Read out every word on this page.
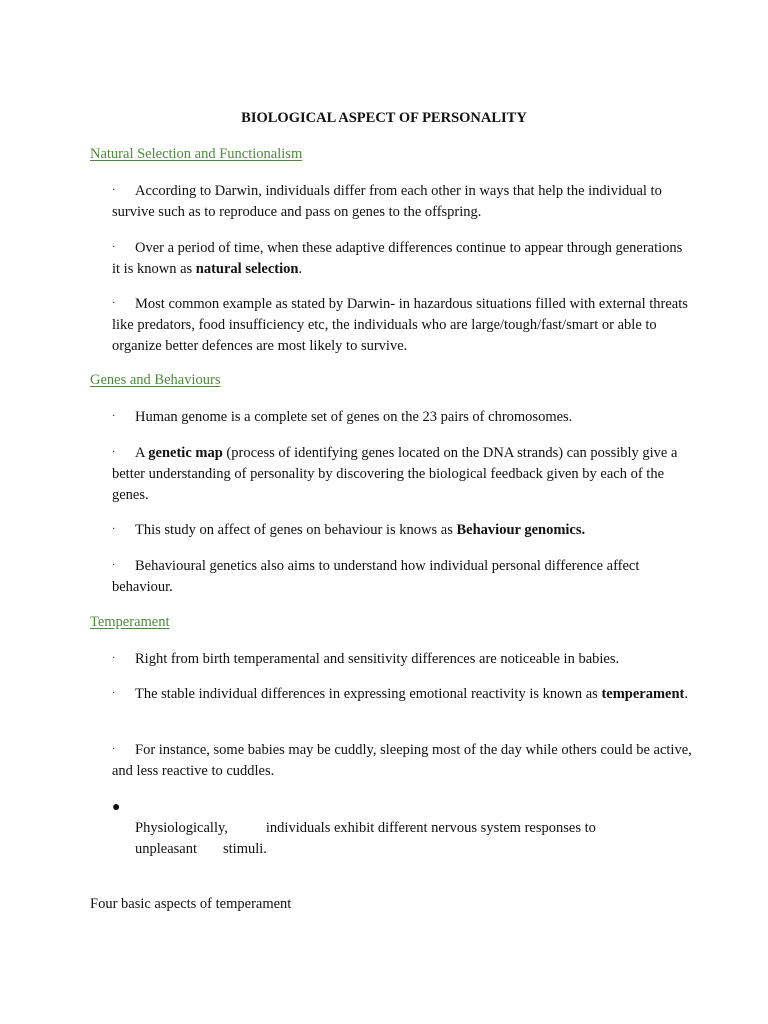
BIOLOGICAL ASPECT OF PERSONALITY
Natural Selection and Functionalism
· According to Darwin, individuals differ from each other in ways that help the individual to survive such as to reproduce and pass on genes to the offspring.
· Over a period of time, when these adaptive differences continue to appear through generations it is known as natural selection.
· Most common example as stated by Darwin- in hazardous situations filled with external threats like predators, food insufficiency etc, the individuals who are large/tough/fast/smart or able to organize better defences are most likely to survive.
Genes and Behaviours
· Human genome is a complete set of genes on the 23 pairs of chromosomes.
· A genetic map (process of identifying genes located on the DNA strands) can possibly give a better understanding of personality by discovering the biological feedback given by each of the genes.
· This study on affect of genes on behaviour is knows as Behaviour genomics.
· Behavioural genetics also aims to understand how individual personal difference affect behaviour.
Temperament
· Right from birth temperamental and sensitivity differences are noticeable in babies.
· The stable individual differences in expressing emotional reactivity is known as temperament.
· For instance, some babies may be cuddly, sleeping most of the day while others could be active, and less reactive to cuddles.
●
Physiologically,	individuals exhibit different nervous system responses to
unpleasant stimuli.
Four basic aspects of temperament
